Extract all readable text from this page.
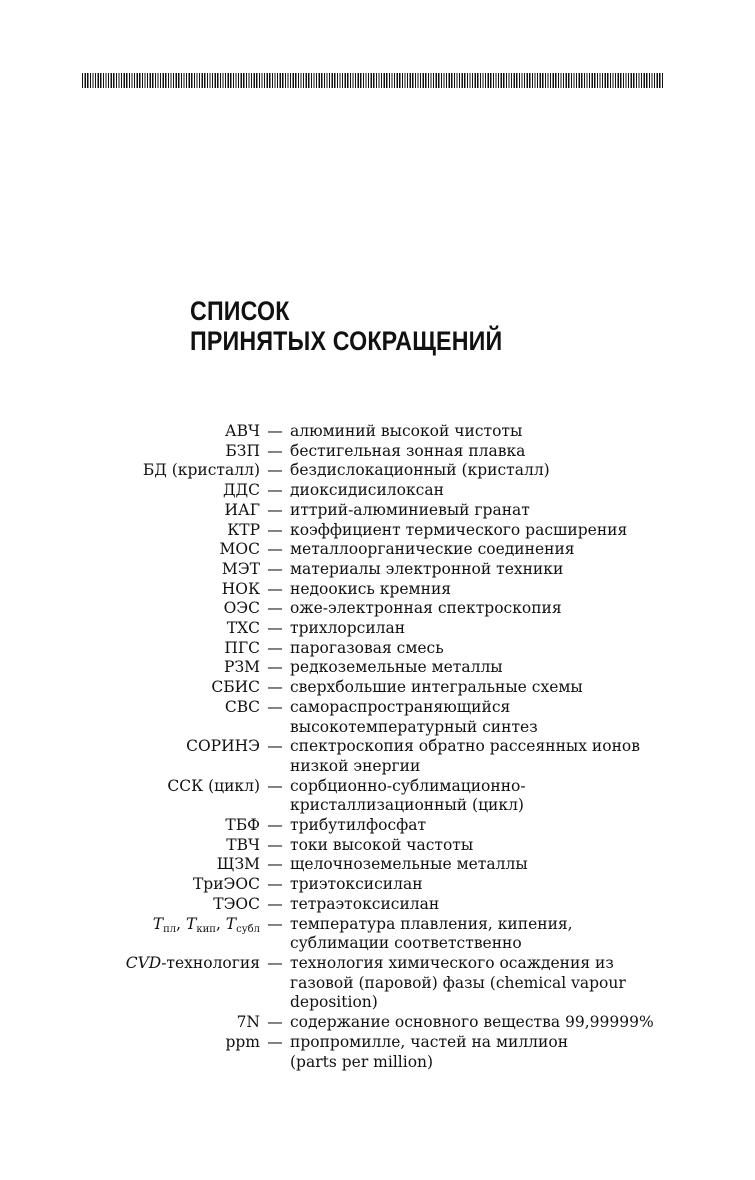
СПИСОК
ПРИНЯТЫХ СОКРАЩЕНИЙ
АВЧ — алюминий высокой чистоты
БЗП — бестигельная зонная плавка
БД (кристалл) — бездислокационный (кристалл)
ДДС — диоксидисилоксан
ИАГ — иттрий-алюминиевый гранат
КТР — коэффициент термического расширения
МОС — металлоорганические соединения
МЭТ — материалы электронной техники
НОК — недоокись кремния
ОЭС — оже-электронная спектроскопия
ТХС — трихлорсилан
ПГС — парогазовая смесь
РЗМ — редкоземельные металлы
СБИС — сверхбольшие интегральные схемы
СВС — самораспространяющийся
высокотемпературный синтез
СОРИНЭ — спектроскопия обратно рассеянных ионов
низкой энергии
ССК (цикл) — сорбционно-сублимационно-
кристаллизационный (цикл)
ТБФ — трибутилфосфат
ТВЧ — токи высокой частоты
ЩЗМ — щелочноземельные металлы
ТриЭОС — триэтоксисилан
ТЭОС — тетраэтоксисилан
$T_{пл}$, $T_{кип}$, $T_{субл}$ — температура плавления, кипения,
сублимации соответственно
CVD-технология — технология химического осаждения из
газовой (паровой) фазы (chemical vapour
deposition)
7N — содержание основного вещества 99,99999%
ppm — пропромилле, частей на миллион
(parts per million)
